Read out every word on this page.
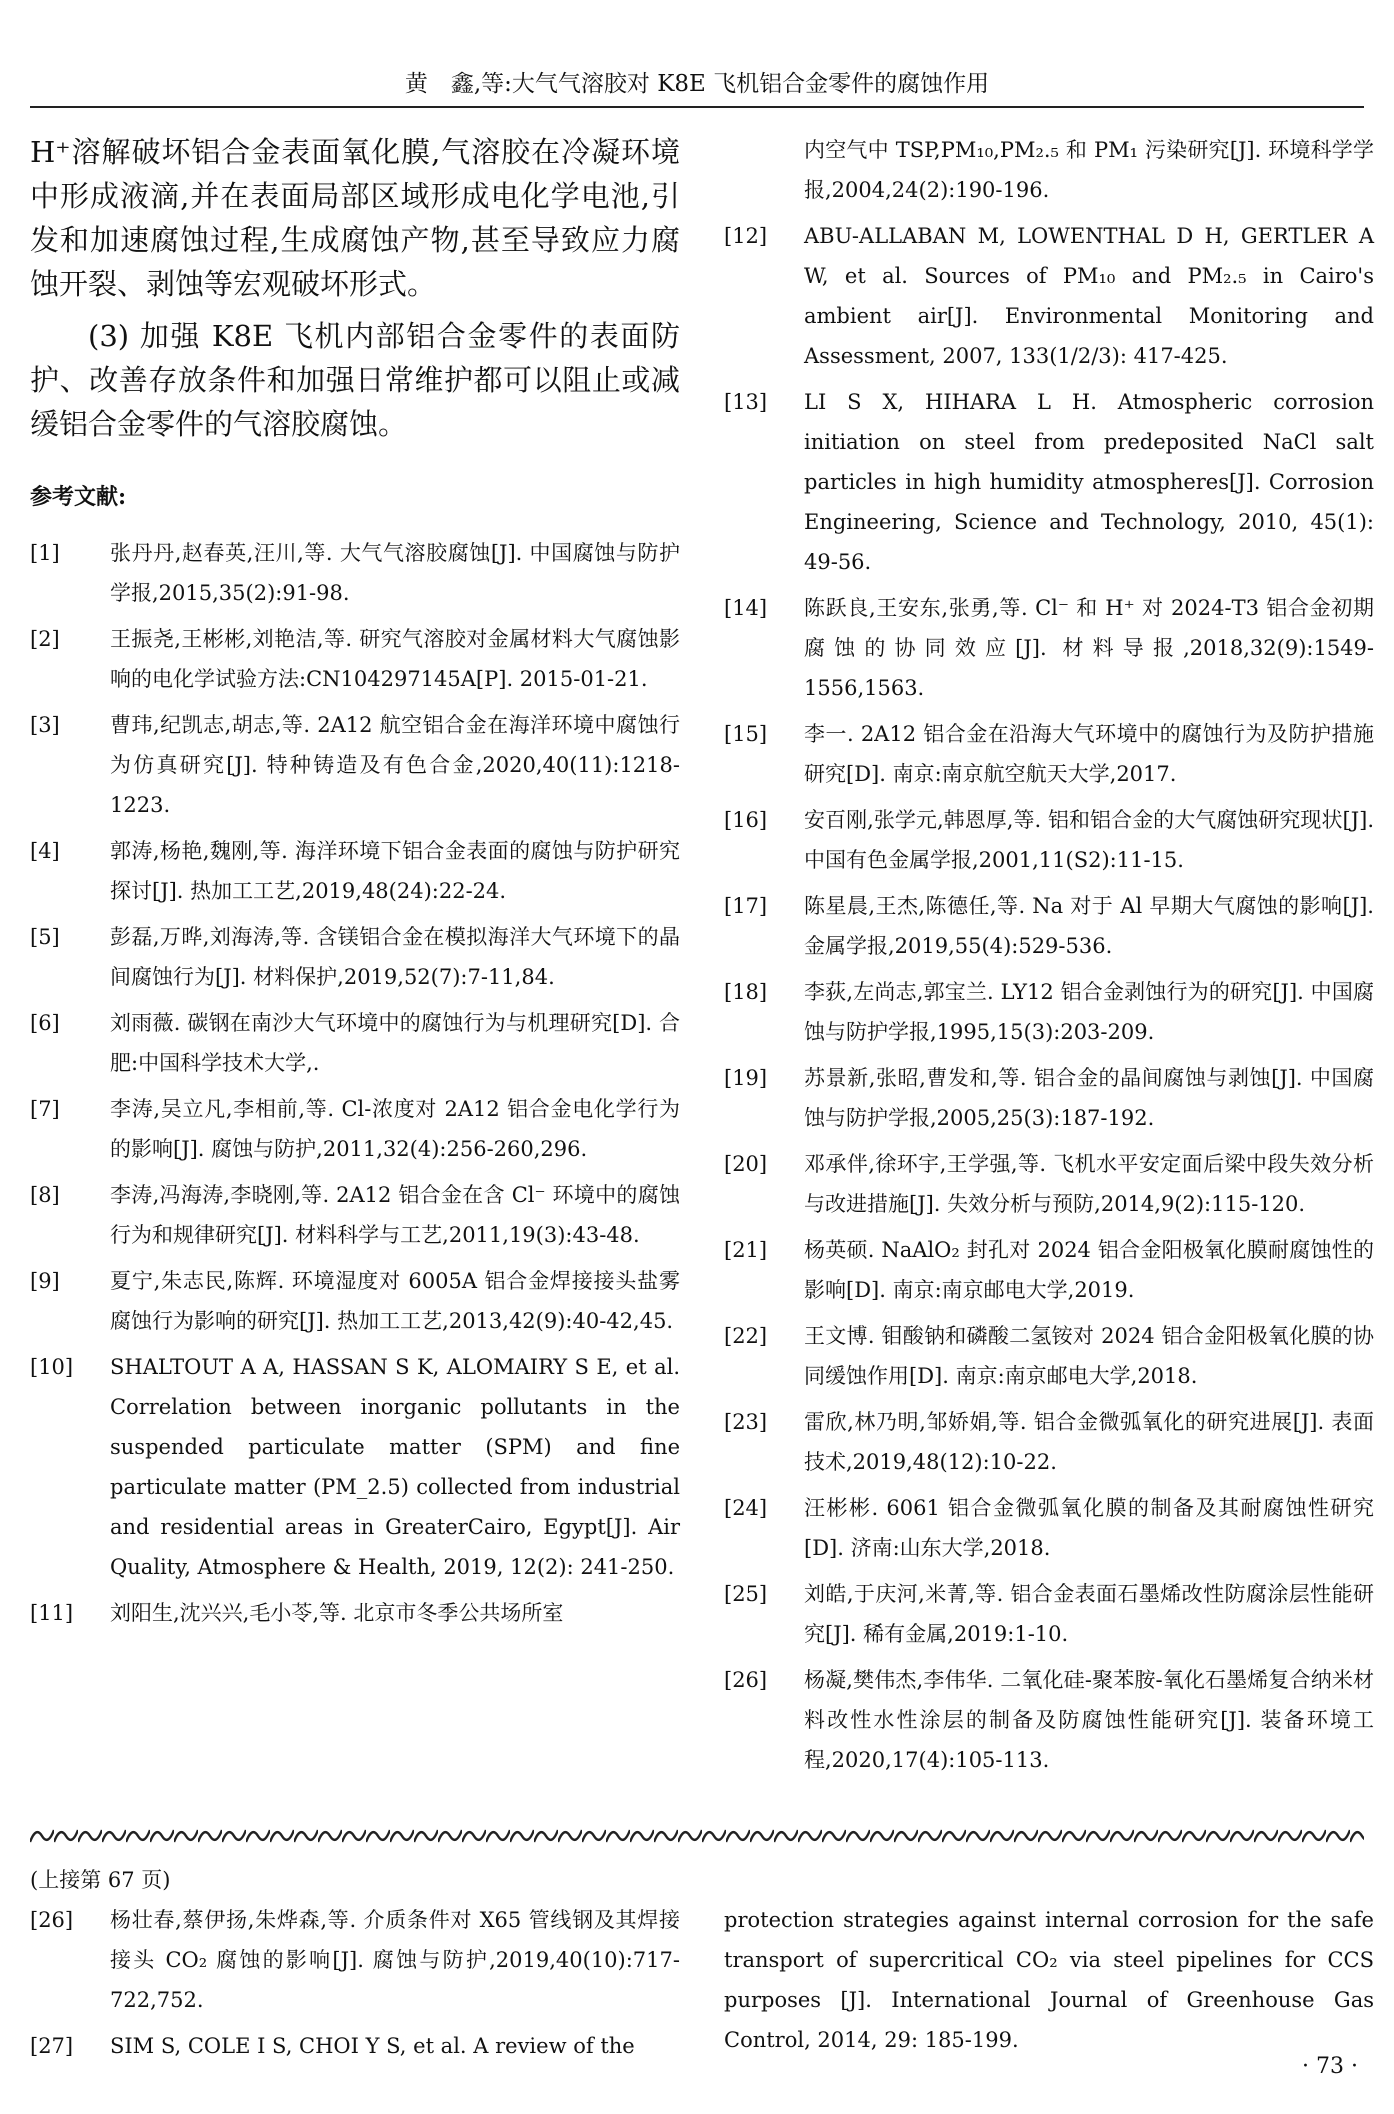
黄　鑫,等:大气气溶胶对 K8E 飞机铝合金零件的腐蚀作用

H⁺溶解破坏铝合金表面氧化膜,气溶胶在冷凝环境中形成液滴,并在表面局部区域形成电化学电池,引发和加速腐蚀过程,生成腐蚀产物,甚至导致应力腐蚀开裂、剥蚀等宏观破坏形式。

(3) 加强 K8E 飞机内部铝合金零件的表面防护、改善存放条件和加强日常维护都可以阻止或减缓铝合金零件的气溶胶腐蚀。

参考文献:

[1]	张丹丹,赵春英,汪川,等. 大气气溶胶腐蚀[J]. 中国腐蚀与防护学报,2015,35(2):91-98.

[2]	王振尧,王彬彬,刘艳洁,等. 研究气溶胶对金属材料大气腐蚀影响的电化学试验方法:CN104297145A[P]. 2015-01-21.

[3]	曹玮,纪凯志,胡志,等. 2A12 航空铝合金在海洋环境中腐蚀行为仿真研究[J]. 特种铸造及有色合金,2020,40(11):1218-1223.

[4]	郭涛,杨艳,魏刚,等. 海洋环境下铝合金表面的腐蚀与防护研究探讨[J]. 热加工工艺,2019,48(24):22-24.

[5]	彭磊,万晔,刘海涛,等. 含镁铝合金在模拟海洋大气环境下的晶间腐蚀行为[J]. 材料保护,2019,52(7):7-11,84.

[6]	刘雨薇. 碳钢在南沙大气环境中的腐蚀行为与机理研究[D]. 合肥:中国科学技术大学,.

[7]	李涛,吴立凡,李相前,等. Cl-浓度对 2A12 铝合金电化学行为的影响[J]. 腐蚀与防护,2011,32(4):256-260,296.

[8]	李涛,冯海涛,李晓刚,等. 2A12 铝合金在含 Cl⁻ 环境中的腐蚀行为和规律研究[J]. 材料科学与工艺,2011,19(3):43-48.

[9]	夏宁,朱志民,陈辉. 环境湿度对 6005A 铝合金焊接接头盐雾腐蚀行为影响的研究[J]. 热加工工艺,2013,42(9):40-42,45.

[10]	SHALTOUT A A, HASSAN S K, ALOMAIRY S E, et al. Correlation between inorganic pollutants in the suspended particulate matter (SPM) and fine particulate matter (PM_2.5) collected from industrial and residential areas in GreaterCairo, Egypt[J]. Air Quality, Atmosphere & Health, 2019, 12(2): 241-250.

[11]	刘阳生,沈兴兴,毛小苓,等. 北京市冬季公共场所室

内空气中 TSP,PM₁₀,PM₂.₅ 和 PM₁ 污染研究[J]. 环境科学学报,2004,24(2):190-196.

[12]	ABU-ALLABAN M, LOWENTHAL D H, GERTLER A W, et al. Sources of PM₁₀ and PM₂.₅ in Cairo's ambient air[J]. Environmental Monitoring and Assessment, 2007, 133(1/2/3): 417-425.

[13]	LI S X, HIHARA L H. Atmospheric corrosion initiation on steel from predeposited NaCl salt particles in high humidity atmospheres[J]. Corrosion Engineering, Science and Technology, 2010, 45(1): 49-56.

[14]	陈跃良,王安东,张勇,等. Cl⁻ 和 H⁺ 对 2024-T3 铝合金初期腐蚀的协同效应[J]. 材料导报,2018,32(9):1549-1556,1563.

[15]	李一. 2A12 铝合金在沿海大气环境中的腐蚀行为及防护措施研究[D]. 南京:南京航空航天大学,2017.

[16]	安百刚,张学元,韩恩厚,等. 铝和铝合金的大气腐蚀研究现状[J]. 中国有色金属学报,2001,11(S2):11-15.

[17]	陈星晨,王杰,陈德任,等. Na 对于 Al 早期大气腐蚀的影响[J]. 金属学报,2019,55(4):529-536.

[18]	李荻,左尚志,郭宝兰. LY12 铝合金剥蚀行为的研究[J]. 中国腐蚀与防护学报,1995,15(3):203-209.

[19]	苏景新,张昭,曹发和,等. 铝合金的晶间腐蚀与剥蚀[J]. 中国腐蚀与防护学报,2005,25(3):187-192.

[20]	邓承伴,徐环宇,王学强,等. 飞机水平安定面后梁中段失效分析与改进措施[J]. 失效分析与预防,2014,9(2):115-120.

[21]	杨英硕. NaAlO₂ 封孔对 2024 铝合金阳极氧化膜耐腐蚀性的影响[D]. 南京:南京邮电大学,2019.

[22]	王文博. 钼酸钠和磷酸二氢铵对 2024 铝合金阳极氧化膜的协同缓蚀作用[D]. 南京:南京邮电大学,2018.

[23]	雷欣,林乃明,邹娇娟,等. 铝合金微弧氧化的研究进展[J]. 表面技术,2019,48(12):10-22.

[24]	汪彬彬. 6061 铝合金微弧氧化膜的制备及其耐腐蚀性研究[D]. 济南:山东大学,2018.

[25]	刘皓,于庆河,米菁,等. 铝合金表面石墨烯改性防腐涂层性能研究[J]. 稀有金属,2019:1-10.

[26]	杨凝,樊伟杰,李伟华. 二氧化硅-聚苯胺-氧化石墨烯复合纳米材料改性水性涂层的制备及防腐蚀性能研究[J]. 装备环境工程,2020,17(4):105-113.

(上接第 67 页)

[26]	杨壮春,蔡伊扬,朱烨森,等. 介质条件对 X65 管线钢及其焊接接头 CO₂ 腐蚀的影响[J]. 腐蚀与防护,2019,40(10):717-722,752.

[27]	SIM S, COLE I S, CHOI Y S, et al. A review of the

protection strategies against internal corrosion for the safe transport of supercritical CO₂ via steel pipelines for CCS purposes [J]. International Journal of Greenhouse Gas Control, 2014, 29: 185-199.

· 73 ·
